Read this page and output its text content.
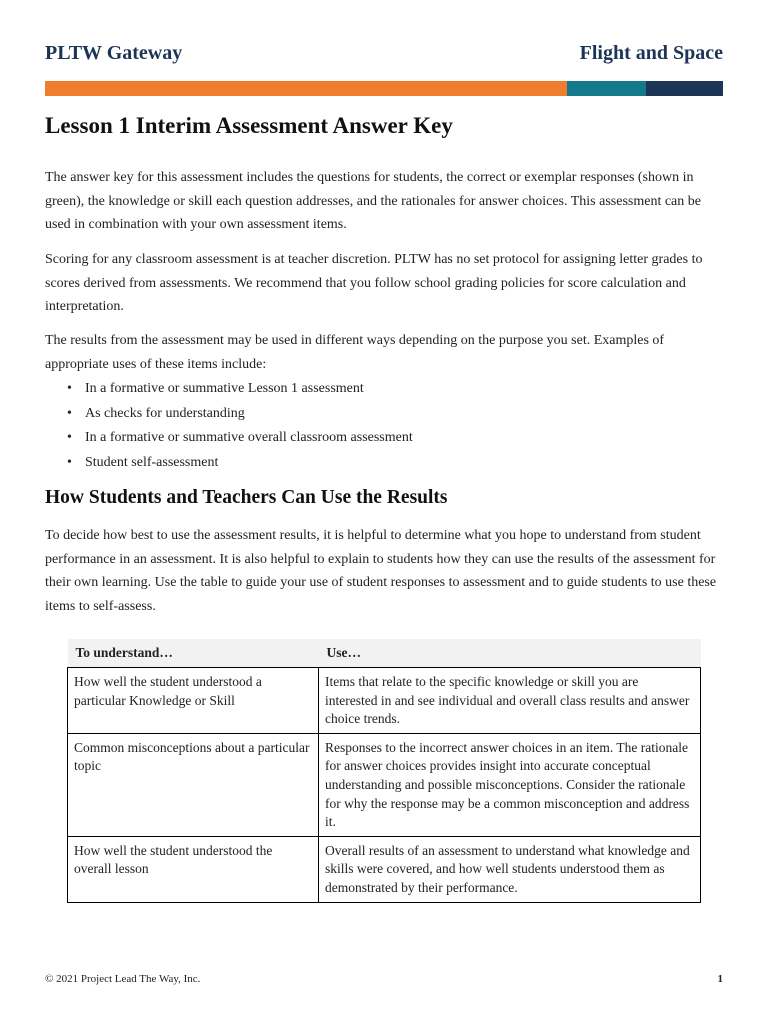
PLTW Gateway	Flight and Space
Lesson 1 Interim Assessment Answer Key

The answer key for this assessment includes the questions for students, the correct or exemplar responses (shown in green), the knowledge or skill each question addresses, and the rationales for answer choices. This assessment can be used in combination with your own assessment items.

Scoring for any classroom assessment is at teacher discretion. PLTW has no set protocol for assigning letter grades to scores derived from assessments. We recommend that you follow school grading policies for score calculation and interpretation.

The results from the assessment may be used in different ways depending on the purpose you set. Examples of appropriate uses of these items include:

• In a formative or summative Lesson 1 assessment
• As checks for understanding
• In a formative or summative overall classroom assessment
• Student self-assessment
How Students and Teachers Can Use the Results

To decide how best to use the assessment results, it is helpful to determine what you hope to understand from student performance in an assessment. It is also helpful to explain to students how they can use the results of the assessment for their own learning. Use the table to guide your use of student responses to assessment and to guide students to use these items to self-assess.

To understand…	Use…
How well the student understood a particular Knowledge or Skill	Items that relate to the specific knowledge or skill you are interested in and see individual and overall class results and answer choice trends.
Common misconceptions about a particular topic	Responses to the incorrect answer choices in an item. The rationale for answer choices provides insight into accurate conceptual understanding and possible misconceptions. Consider the rationale for why the response may be a common misconception and address it.
How well the student understood the overall lesson	Overall results of an assessment to understand what knowledge and skills were covered, and how well students understood them as demonstrated by their performance.
© 2021 Project Lead The Way, Inc.	1
